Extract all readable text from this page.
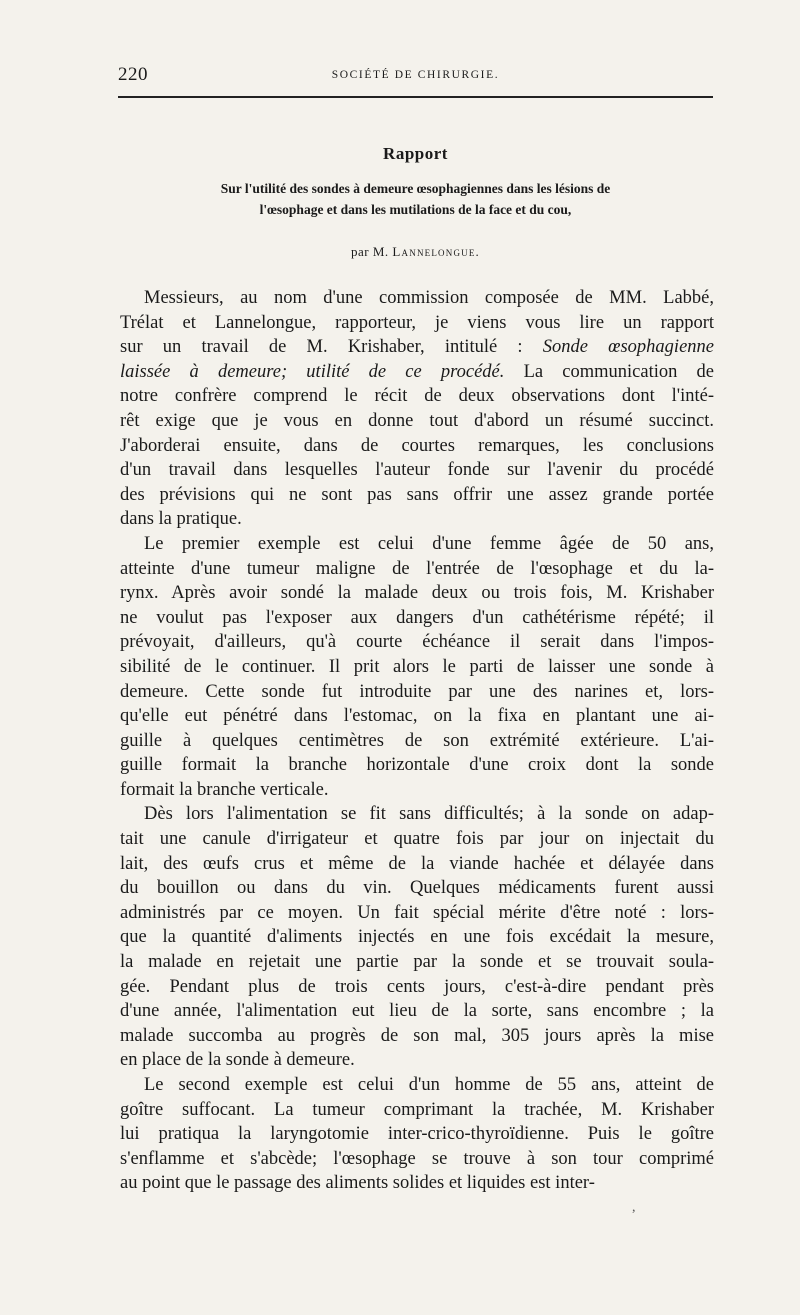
220	SOCIÉTÉ DE CHIRURGIE.
Rapport
Sur l'utilité des sondes à demeure œsophagiennes dans les lésions de
l'œsophage et dans les mutilations de la face et du cou,
par M. Lannelongue.
Messieurs, au nom d'une commission composée de MM. Labbé,
Trélat et Lannelongue, rapporteur, je viens vous lire un rapport
sur un travail de M. Krishaber, intitulé : Sonde œsophagienne
laissée à demeure; utilité de ce procédé. La communication de
notre confrère comprend le récit de deux observations dont l'inté-
rêt exige que je vous en donne tout d'abord un résumé succinct.
J'aborderai ensuite, dans de courtes remarques, les conclusions
d'un travail dans lesquelles l'auteur fonde sur l'avenir du procédé
des prévisions qui ne sont pas sans offrir une assez grande portée
dans la pratique.
Le premier exemple est celui d'une femme âgée de 50 ans,
atteinte d'une tumeur maligne de l'entrée de l'œsophage et du la-
rynx. Après avoir sondé la malade deux ou trois fois, M. Krishaber
ne voulut pas l'exposer aux dangers d'un cathétérisme répété; il
prévoyait, d'ailleurs, qu'à courte échéance il serait dans l'impos-
sibilité de le continuer. Il prit alors le parti de laisser une sonde à
demeure. Cette sonde fut introduite par une des narines et, lors-
qu'elle eut pénétré dans l'estomac, on la fixa en plantant une ai-
guille à quelques centimètres de son extrémité extérieure. L'ai-
guille formait la branche horizontale d'une croix dont la sonde
formait la branche verticale.
Dès lors l'alimentation se fit sans difficultés; à la sonde on adap-
tait une canule d'irrigateur et quatre fois par jour on injectait du
lait, des œufs crus et même de la viande hachée et délayée dans
du bouillon ou dans du vin. Quelques médicaments furent aussi
administrés par ce moyen. Un fait spécial mérite d'être noté : lors-
que la quantité d'aliments injectés en une fois excédait la mesure,
la malade en rejetait une partie par la sonde et se trouvait soula-
gée. Pendant plus de trois cents jours, c'est-à-dire pendant près
d'une année, l'alimentation eut lieu de la sorte, sans encombre ; la
malade succomba au progrès de son mal, 305 jours après la mise
en place de la sonde à demeure.
Le second exemple est celui d'un homme de 55 ans, atteint de
goître suffocant. La tumeur comprimant la trachée, M. Krishaber
lui pratiqua la laryngotomie inter-crico-thyroïdienne. Puis le goître
s'enflamme et s'abcède; l'œsophage se trouve à son tour comprimé
au point que le passage des aliments solides et liquides est inter-
,
